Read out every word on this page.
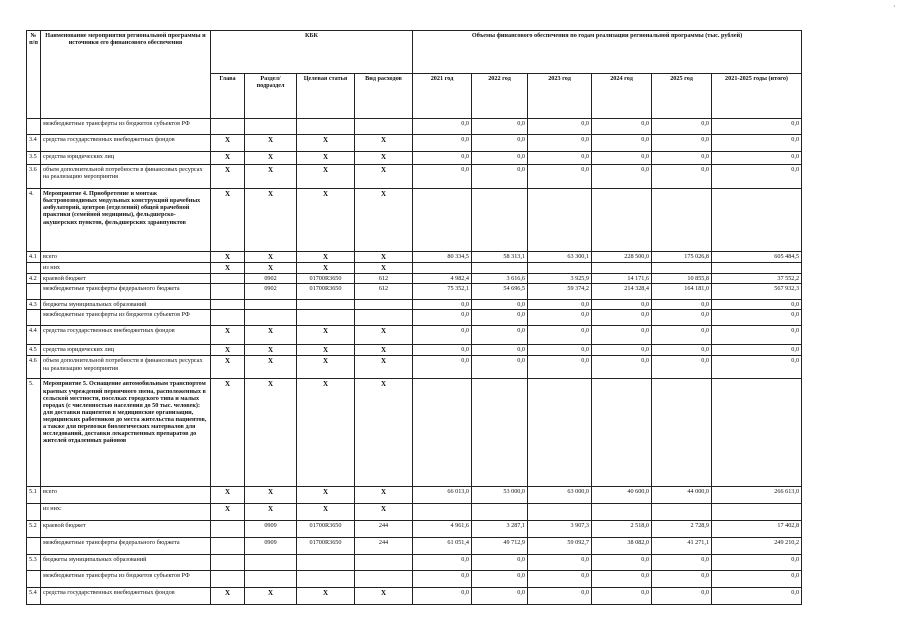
·
№ п/п	Наименование мероприятия региональной программы и источники его финансового обеспечения	КБК				Объемы финансового обеспечения по годам реализации региональной программы (тыс. рублей)					
		Глава	Раздел/ подраздел	Целевая статья	Вид расходов	2021 год	2022 год	2023 год	2024 год	2025 год	2021-2025 годы (итого)
	межбюджетные трансферты из бюджетов субъектов РФ					0,0	0,0	0,0	0,0	0,0	0,0
3.4	средства государственных внебюджетных фондов	X	X	X	X	0,0	0,0	0,0	0,0	0,0	0,0
3.5	средства юридических лиц	X	X	X	X	0,0	0,0	0,0	0,0	0,0	0,0
3.6	объем дополнительной потребности в финансовых ресурсах на реализацию мероприятия	X	X	X	X	0,0	0,0	0,0	0,0	0,0	0,0
4.	Мероприятие 4. Приобретение и монтаж быстровозводимых модульных конструкций врачебных амбулаторий, центров (отделений) общей врачебной практики (семейной медицины), фельдшерско-акушерских пунктов, фельдшерских здравпунктов	X	X	X	X						
4.1	всего	X	X	X	X	80 334,5	58 313,1	63 300,1	228 500,0	175 026,8	605 484,5
	из них	X	X	X	X						
4.2	краевой бюджет		0902	01700R3650	612	4 982,4	3 616,6	3 925,9	14 171,6	10 855,8	37 552,2
	межбюджетные трансферты федерального бюджета		0902	01700R3650	612	75 352,1	54 696,5	59 374,2	214 328,4	164 181,0	567 932,3
4.3	бюджеты муниципальных образований					0,0	0,0	0,0	0,0	0,0	0,0
	межбюджетные трансферты из бюджетов субъектов РФ					0,0	0,0	0,0	0,0	0,0	0,0
4.4	средства государственных внебюджетных фондов	X	X	X	X	0,0	0,0	0,0	0,0	0,0	0,0
4.5	средства юридических лиц	X	X	X	X	0,0	0,0	0,0	0,0	0,0	0,0
4.6	объем дополнительной потребности в финансовых ресурсах на реализацию мероприятия	X	X	X	X	0,0	0,0	0,0	0,0	0,0	0,0
5.	Мероприятие 5. Оснащение автомобильным транспортом краевых учреждений первичного звена, расположенных в сельской местности, поселках городского типа и малых городах (с численностью населения до 50 тыс. человек): для доставки пациентов в медицинские организации, медицинских работников до места жительства пациентов, а также для перевозки биологических материалов для исследований, доставки лекарственных препаратов до жителей отдаленных районов	X	X	X	X						
5.1	всего	X	X	X	X	66 013,0	53 000,0	63 000,0	40 600,0	44 000,0	266 613,0
	из них:	X	X	X	X						
5.2	краевой бюджет		0909	01700R3650	244	4 961,6	3 287,1	3 907,3	2 518,0	2 728,9	17 402,8
	межбюджетные трансферты федерального бюджета		0909	01700R3650	244	61 051,4	49 712,9	59 092,7	38 082,0	41 271,1	249 210,2
5.3	бюджеты муниципальных образований					0,0	0,0	0,0	0,0	0,0	0,0
	межбюджетные трансферты из бюджетов субъектов РФ					0,0	0,0	0,0	0,0	0,0	0,0
5.4	средства государственных внебюджетных фондов	X	X	X	X	0,0	0,0	0,0	0,0	0,0	0,0
